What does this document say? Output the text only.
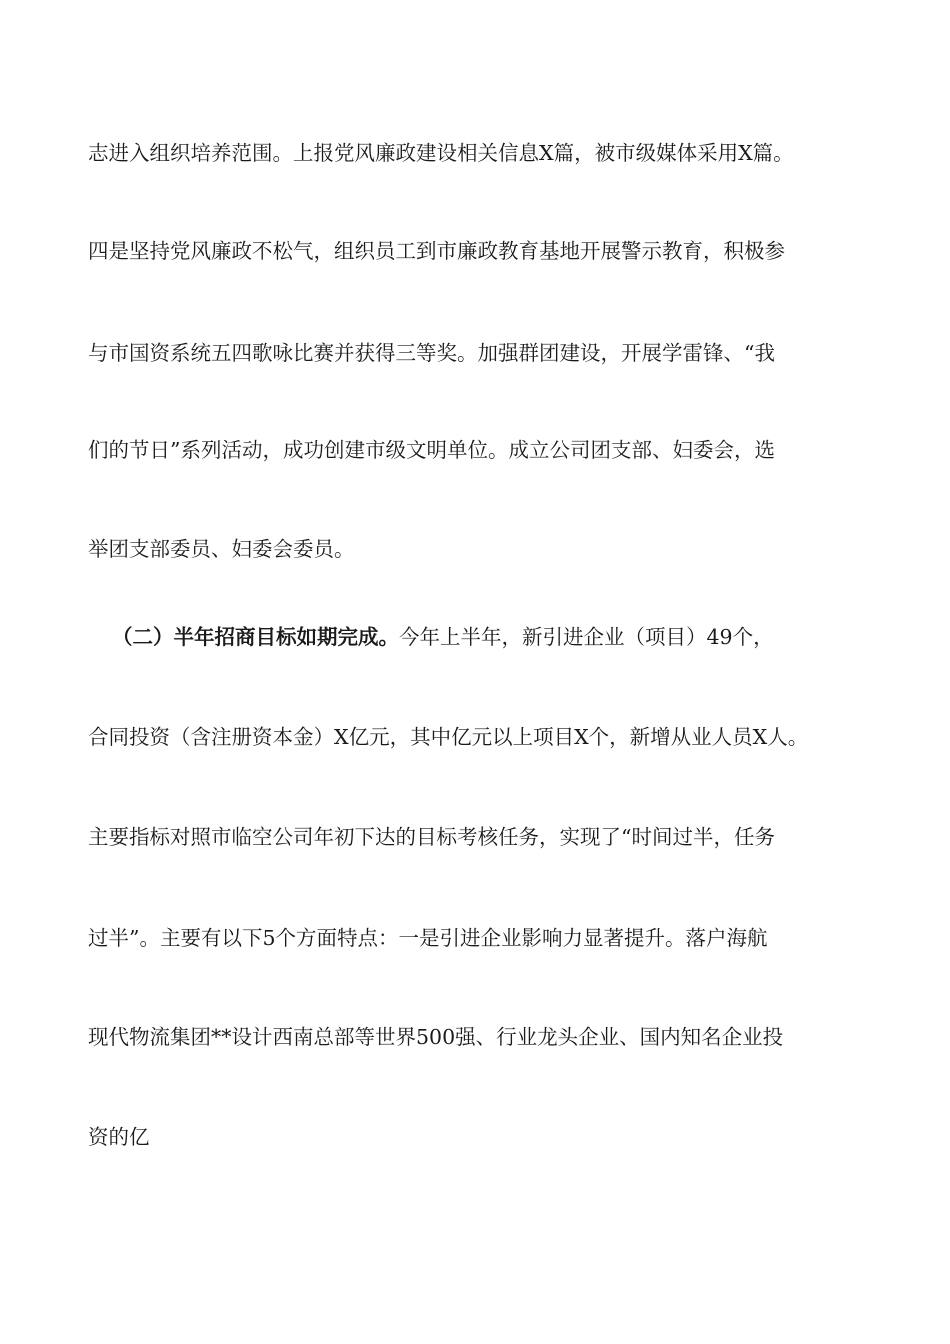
志进入组织培养范围。上报党风廉政建设相关信息X篇，被市级媒体采用X篇。
四是坚持党风廉政不松气，组织员工到市廉政教育基地开展警示教育，积极参
与市国资系统五四歌咏比赛并获得三等奖。加强群团建设，开展学雷锋、“我
们的节日”系列活动，成功创建市级文明单位。成立公司团支部、妇委会，选
举团支部委员、妇委会委员。
（二）半年招商目标如期完成。今年上半年，新引进企业（项目）49个，
合同投资（含注册资本金）X亿元，其中亿元以上项目X个，新增从业人员X人。
主要指标对照市临空公司年初下达的目标考核任务，实现了“时间过半，任务
过半”。主要有以下5个方面特点：一是引进企业影响力显著提升。落户海航
现代物流集团**设计西南总部等世界500强、行业龙头企业、国内知名企业投
资的亿
